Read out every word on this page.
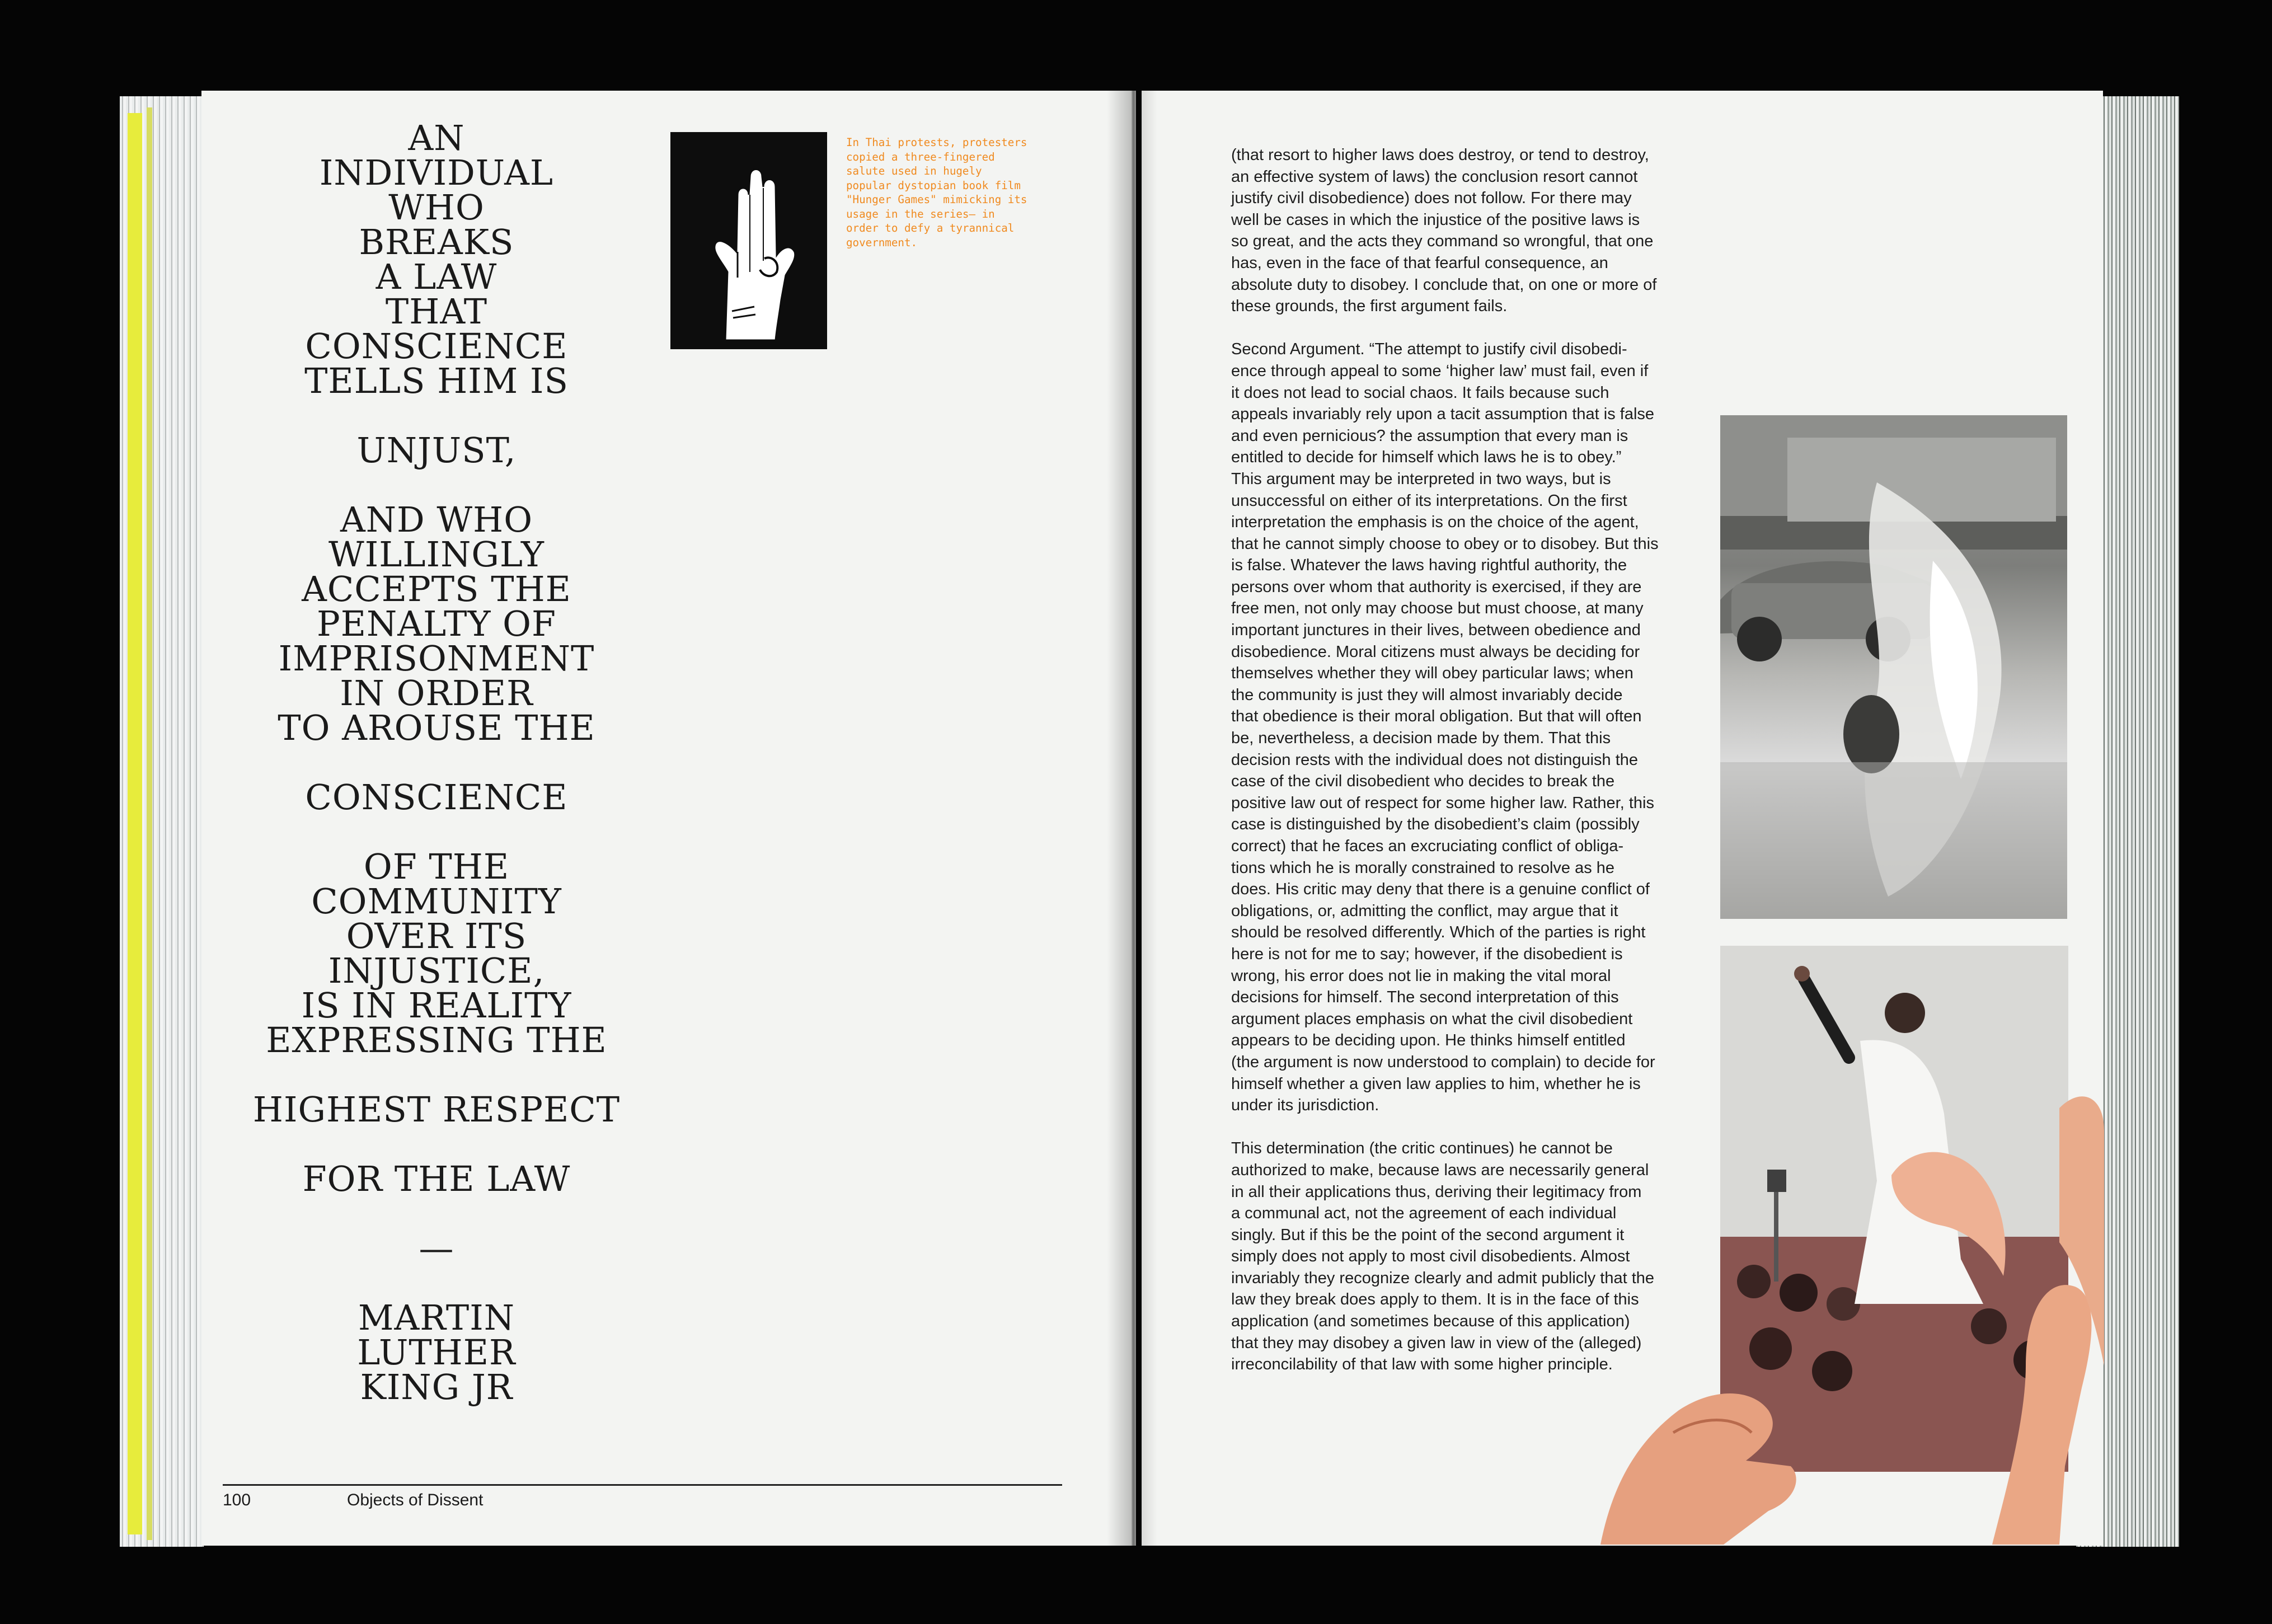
AN
INDIVIDUAL
WHO
BREAKS
A LAW
THAT
CONSCIENCE
TELLS HIM IS
UNJUST,
AND WHO
WILLINGLY
ACCEPTS THE
PENALTY OF
IMPRISONMENT
IN ORDER
TO AROUSE THE
CONSCIENCE
OF THE
COMMUNITY
OVER ITS
INJUSTICE,
IS IN REALITY
EXPRESSING THE
HIGHEST RESPECT
FOR THE LAW
—
MARTIN
LUTHER
KING JR
In Thai protests, protesters
copied a three-fingered
salute used in hugely
popular dystopian book film
"Hunger Games" mimicking its
usage in the series— in
order to defy a tyrannical
government.
100	Objects of Dissent
(that resort to higher laws does destroy, or tend to destroy,
an effective system of laws) the conclusion resort cannot
justify civil disobedience) does not follow. For there may
well be cases in which the injustice of the positive laws is
so great, and the acts they command so wrongful, that one
has, even in the face of that fearful consequence, an
absolute duty to disobey. I conclude that, on one or more of
these grounds, the first argument fails.
Second Argument. “The attempt to justify civil disobedi-
ence through appeal to some ‘higher law’ must fail, even if
it does not lead to social chaos. It fails because such
appeals invariably rely upon a tacit assumption that is false
and even pernicious? the assumption that every man is
entitled to decide for himself which laws he is to obey.”
This argument may be interpreted in two ways, but is
unsuccessful on either of its interpretations. On the first
interpretation the emphasis is on the choice of the agent,
that he cannot simply choose to obey or to disobey. But this
is false. Whatever the laws having rightful authority, the
persons over whom that authority is exercised, if they are
free men, not only may choose but must choose, at many
important junctures in their lives, between obedience and
disobedience. Moral citizens must always be deciding for
themselves whether they will obey particular laws; when
the community is just they will almost invariably decide
that obedience is their moral obligation. But that will often
be, nevertheless, a decision made by them. That this
decision rests with the individual does not distinguish the
case of the civil disobedient who decides to break the
positive law out of respect for some higher law. Rather, this
case is distinguished by the disobedient’s claim (possibly
correct) that he faces an excruciating conflict of obliga-
tions which he is morally constrained to resolve as he
does. His critic may deny that there is a genuine conflict of
obligations, or, admitting the conflict, may argue that it
should be resolved differently. Which of the parties is right
here is not for me to say; however, if the disobedient is
wrong, his error does not lie in making the vital moral
decisions for himself. The second interpretation of this
argument places emphasis on what the civil disobedient
appears to be deciding upon. He thinks himself entitled
(the argument is now understood to complain) to decide for
himself whether a given law applies to him, whether he is
under its jurisdiction.
This determination (the critic continues) he cannot be
authorized to make, because laws are necessarily general
in all their applications thus, deriving their legitimacy from
a communal act, not the agreement of each individual
singly. But if this be the point of the second argument it
simply does not apply to most civil disobedients. Almost
invariably they recognize clearly and admit publicly that the
law they break does apply to them. It is in the face of this
application (and sometimes because of this application)
that they may disobey a given law in view of the (alleged)
irreconcilability of that law with some higher principle.
